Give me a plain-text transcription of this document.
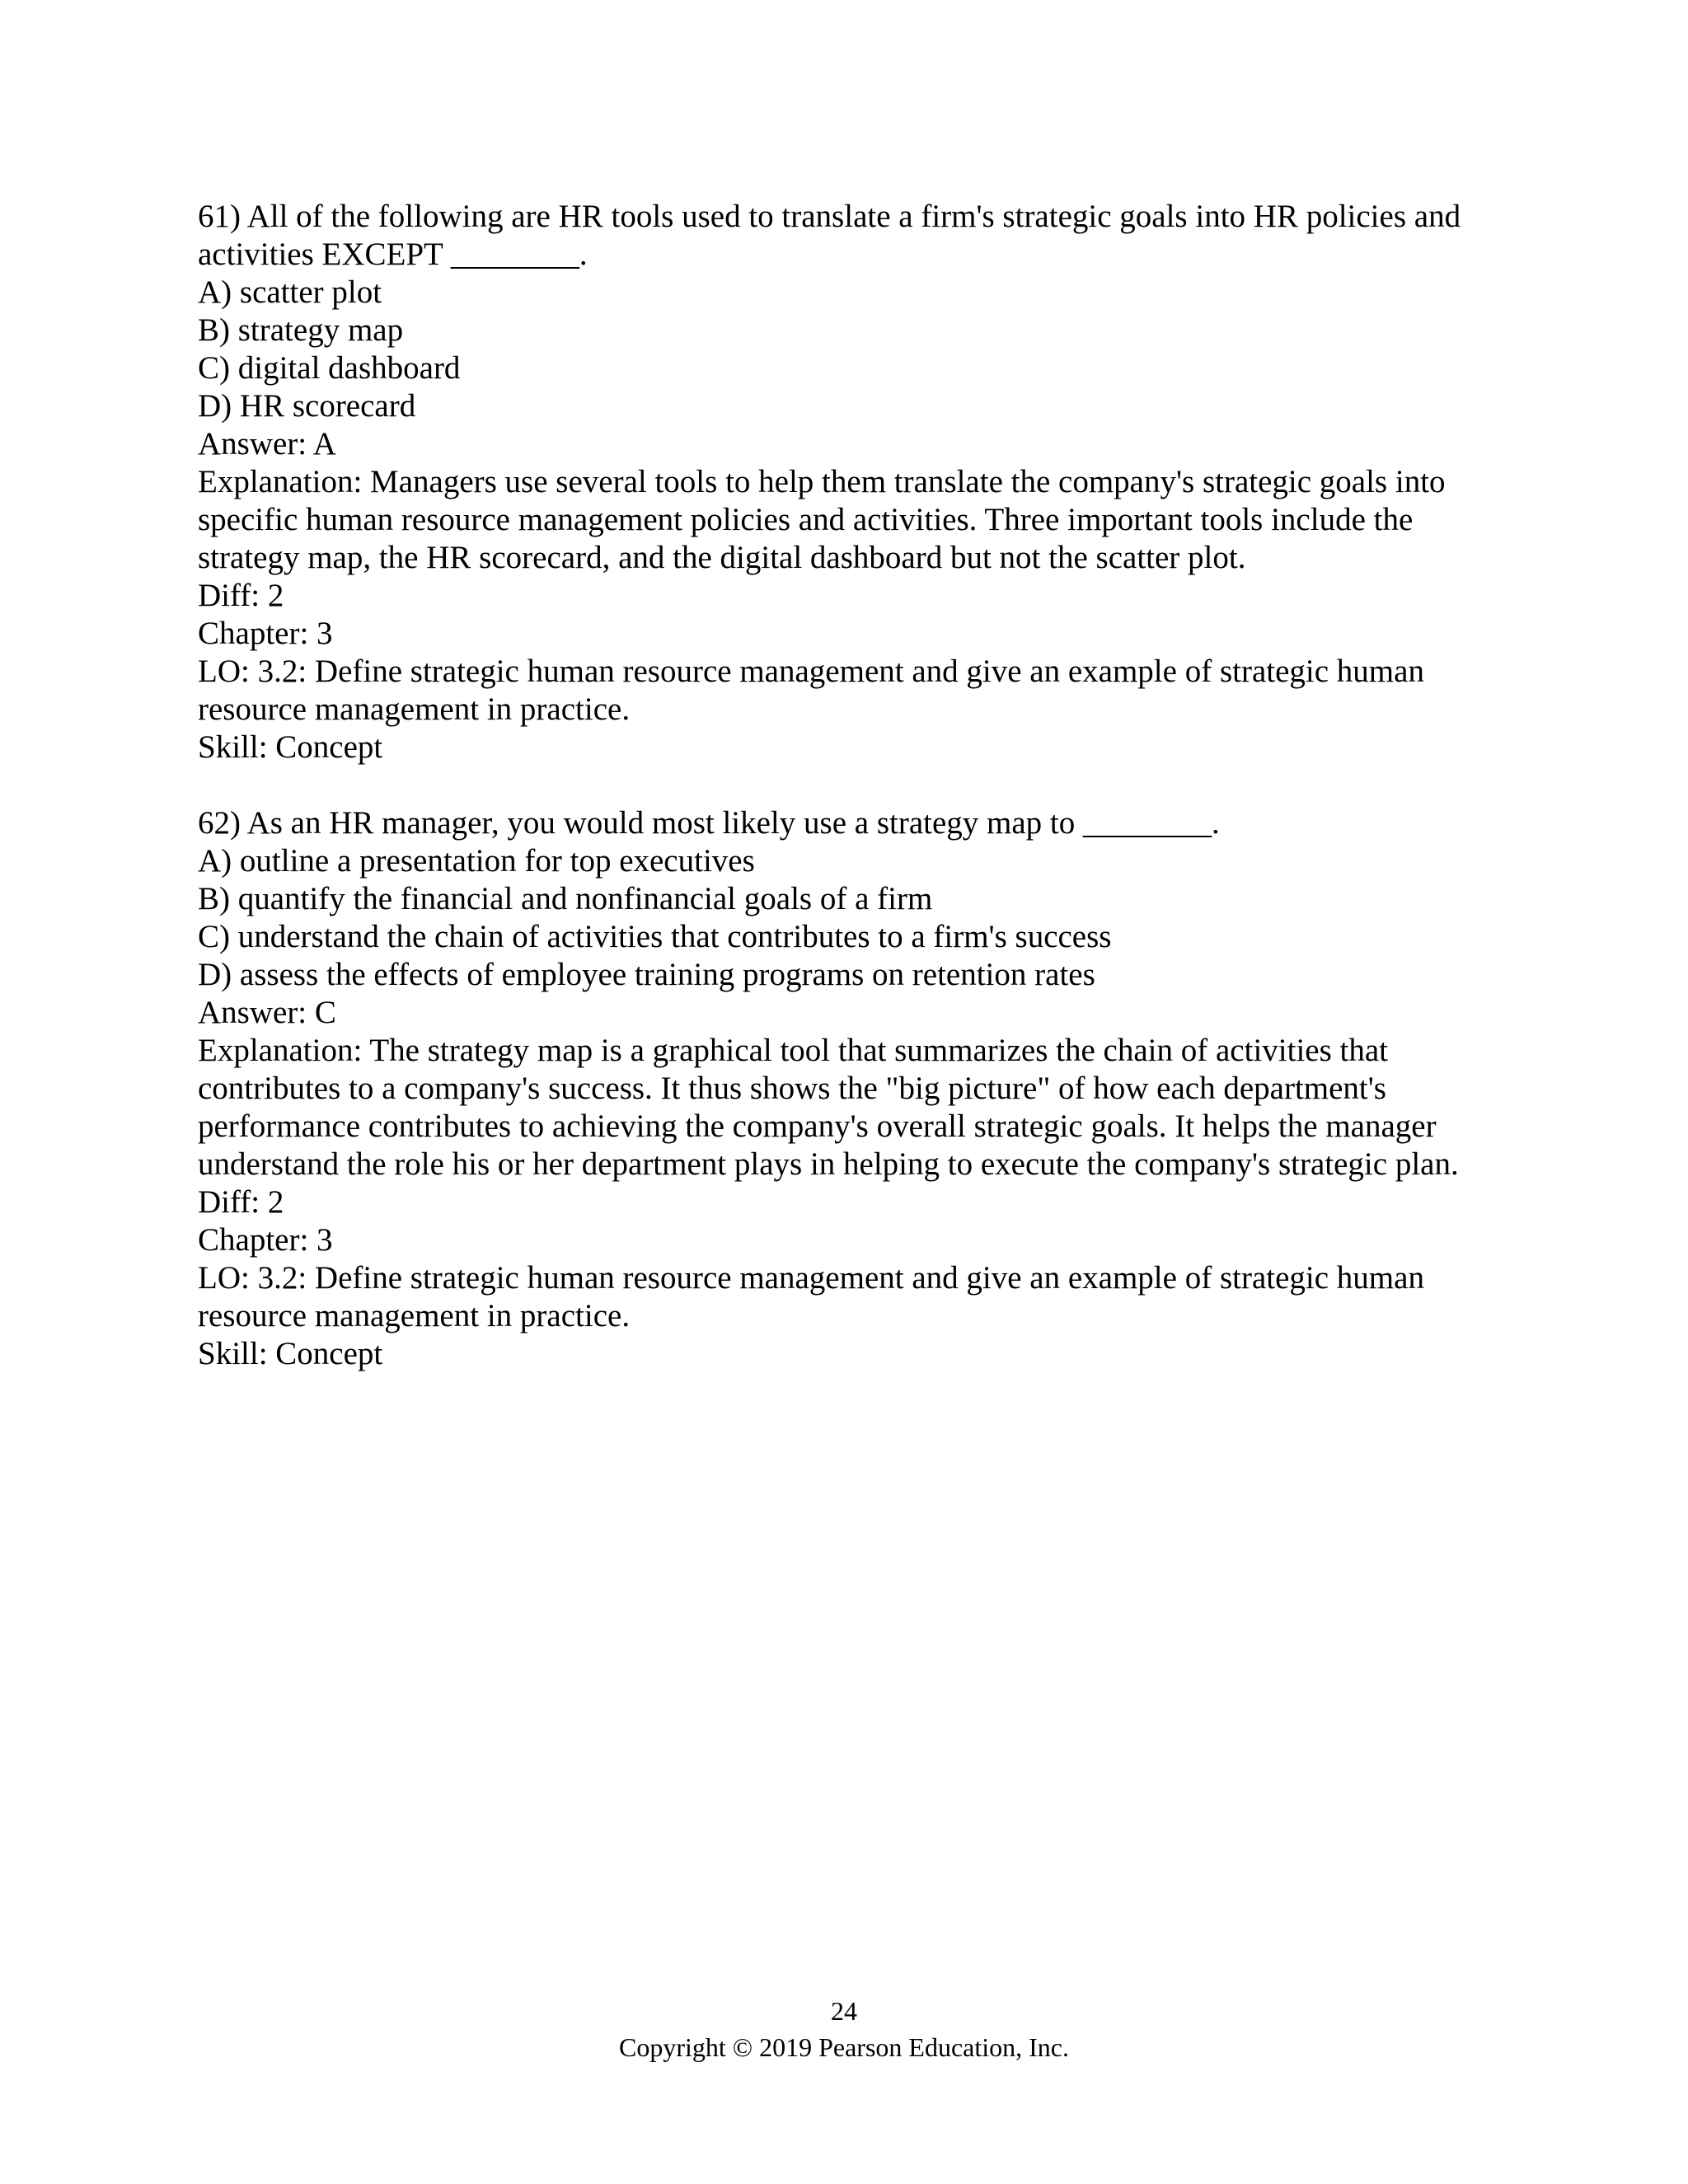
61) All of the following are HR tools used to translate a firm's strategic goals into HR policies and activities EXCEPT ________.
A) scatter plot
B) strategy map
C) digital dashboard
D) HR scorecard
Answer: A
Explanation: Managers use several tools to help them translate the company's strategic goals into specific human resource management policies and activities. Three important tools include the strategy map, the HR scorecard, and the digital dashboard but not the scatter plot.
Diff: 2
Chapter: 3
LO: 3.2: Define strategic human resource management and give an example of strategic human resource management in practice.
Skill: Concept
62) As an HR manager, you would most likely use a strategy map to ________.
A) outline a presentation for top executives
B) quantify the financial and nonfinancial goals of a firm
C) understand the chain of activities that contributes to a firm's success
D) assess the effects of employee training programs on retention rates
Answer: C
Explanation: The strategy map is a graphical tool that summarizes the chain of activities that contributes to a company's success. It thus shows the "big picture" of how each department's performance contributes to achieving the company's overall strategic goals. It helps the manager understand the role his or her department plays in helping to execute the company's strategic plan.
Diff: 2
Chapter: 3
LO: 3.2: Define strategic human resource management and give an example of strategic human resource management in practice.
Skill: Concept
24
Copyright © 2019 Pearson Education, Inc.
